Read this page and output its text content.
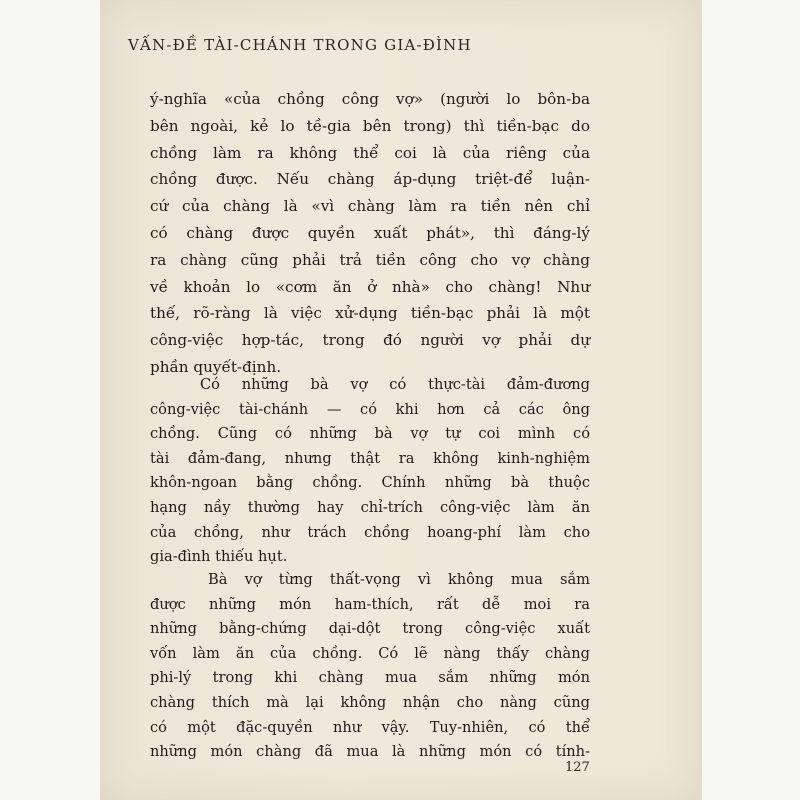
VẤN-ĐỀ TÀI-CHÁNH TRONG GIA-ĐÌNH
ý-nghĩa «của chồng công vợ» (người lo bôn-ba
bên ngoài, kẻ lo tề-gia bên trong) thì tiền-bạc do
chồng làm ra không thể coi là của riêng của
chồng được. Nếu chàng áp-dụng triệt-để luận-
cứ của chàng là «vì chàng làm ra tiền nên chỉ
có chàng được quyền xuất phát», thì đáng-lý
ra chàng cũng phải trả tiền công cho vợ chàng
về khoản lo «cơm ăn ở nhà» cho chàng! Như
thế, rõ-ràng là việc xử-dụng tiền-bạc phải là một
công-việc hợp-tác, trong đó người vợ phải dự
phần quyết-định.
Có những bà vợ có thực-tài đảm-đương
công-việc tài-chánh — có khi hơn cả các ông
chồng. Cũng có những bà vợ tự coi mình có
tài đảm-đang, nhưng thật ra không kinh-nghiệm
khôn-ngoan bằng chồng. Chính những bà thuộc
hạng nầy thường hay chỉ-trích công-việc làm ăn
của chồng, như trách chồng hoang-phí làm cho
gia-đình thiếu hụt.
Bà vợ từng thất-vọng vì không mua sắm
được những món ham-thích, rất dễ moi ra
những bằng-chứng dại-dột trong công-việc xuất
vốn làm ăn của chồng. Có lẽ nàng thấy chàng
phi-lý trong khi chàng mua sắm những món
chàng thích mà lại không nhận cho nàng cũng
có một đặc-quyền như vậy. Tuy-nhiên, có thể
những món chàng đã mua là những món có tính-
127
